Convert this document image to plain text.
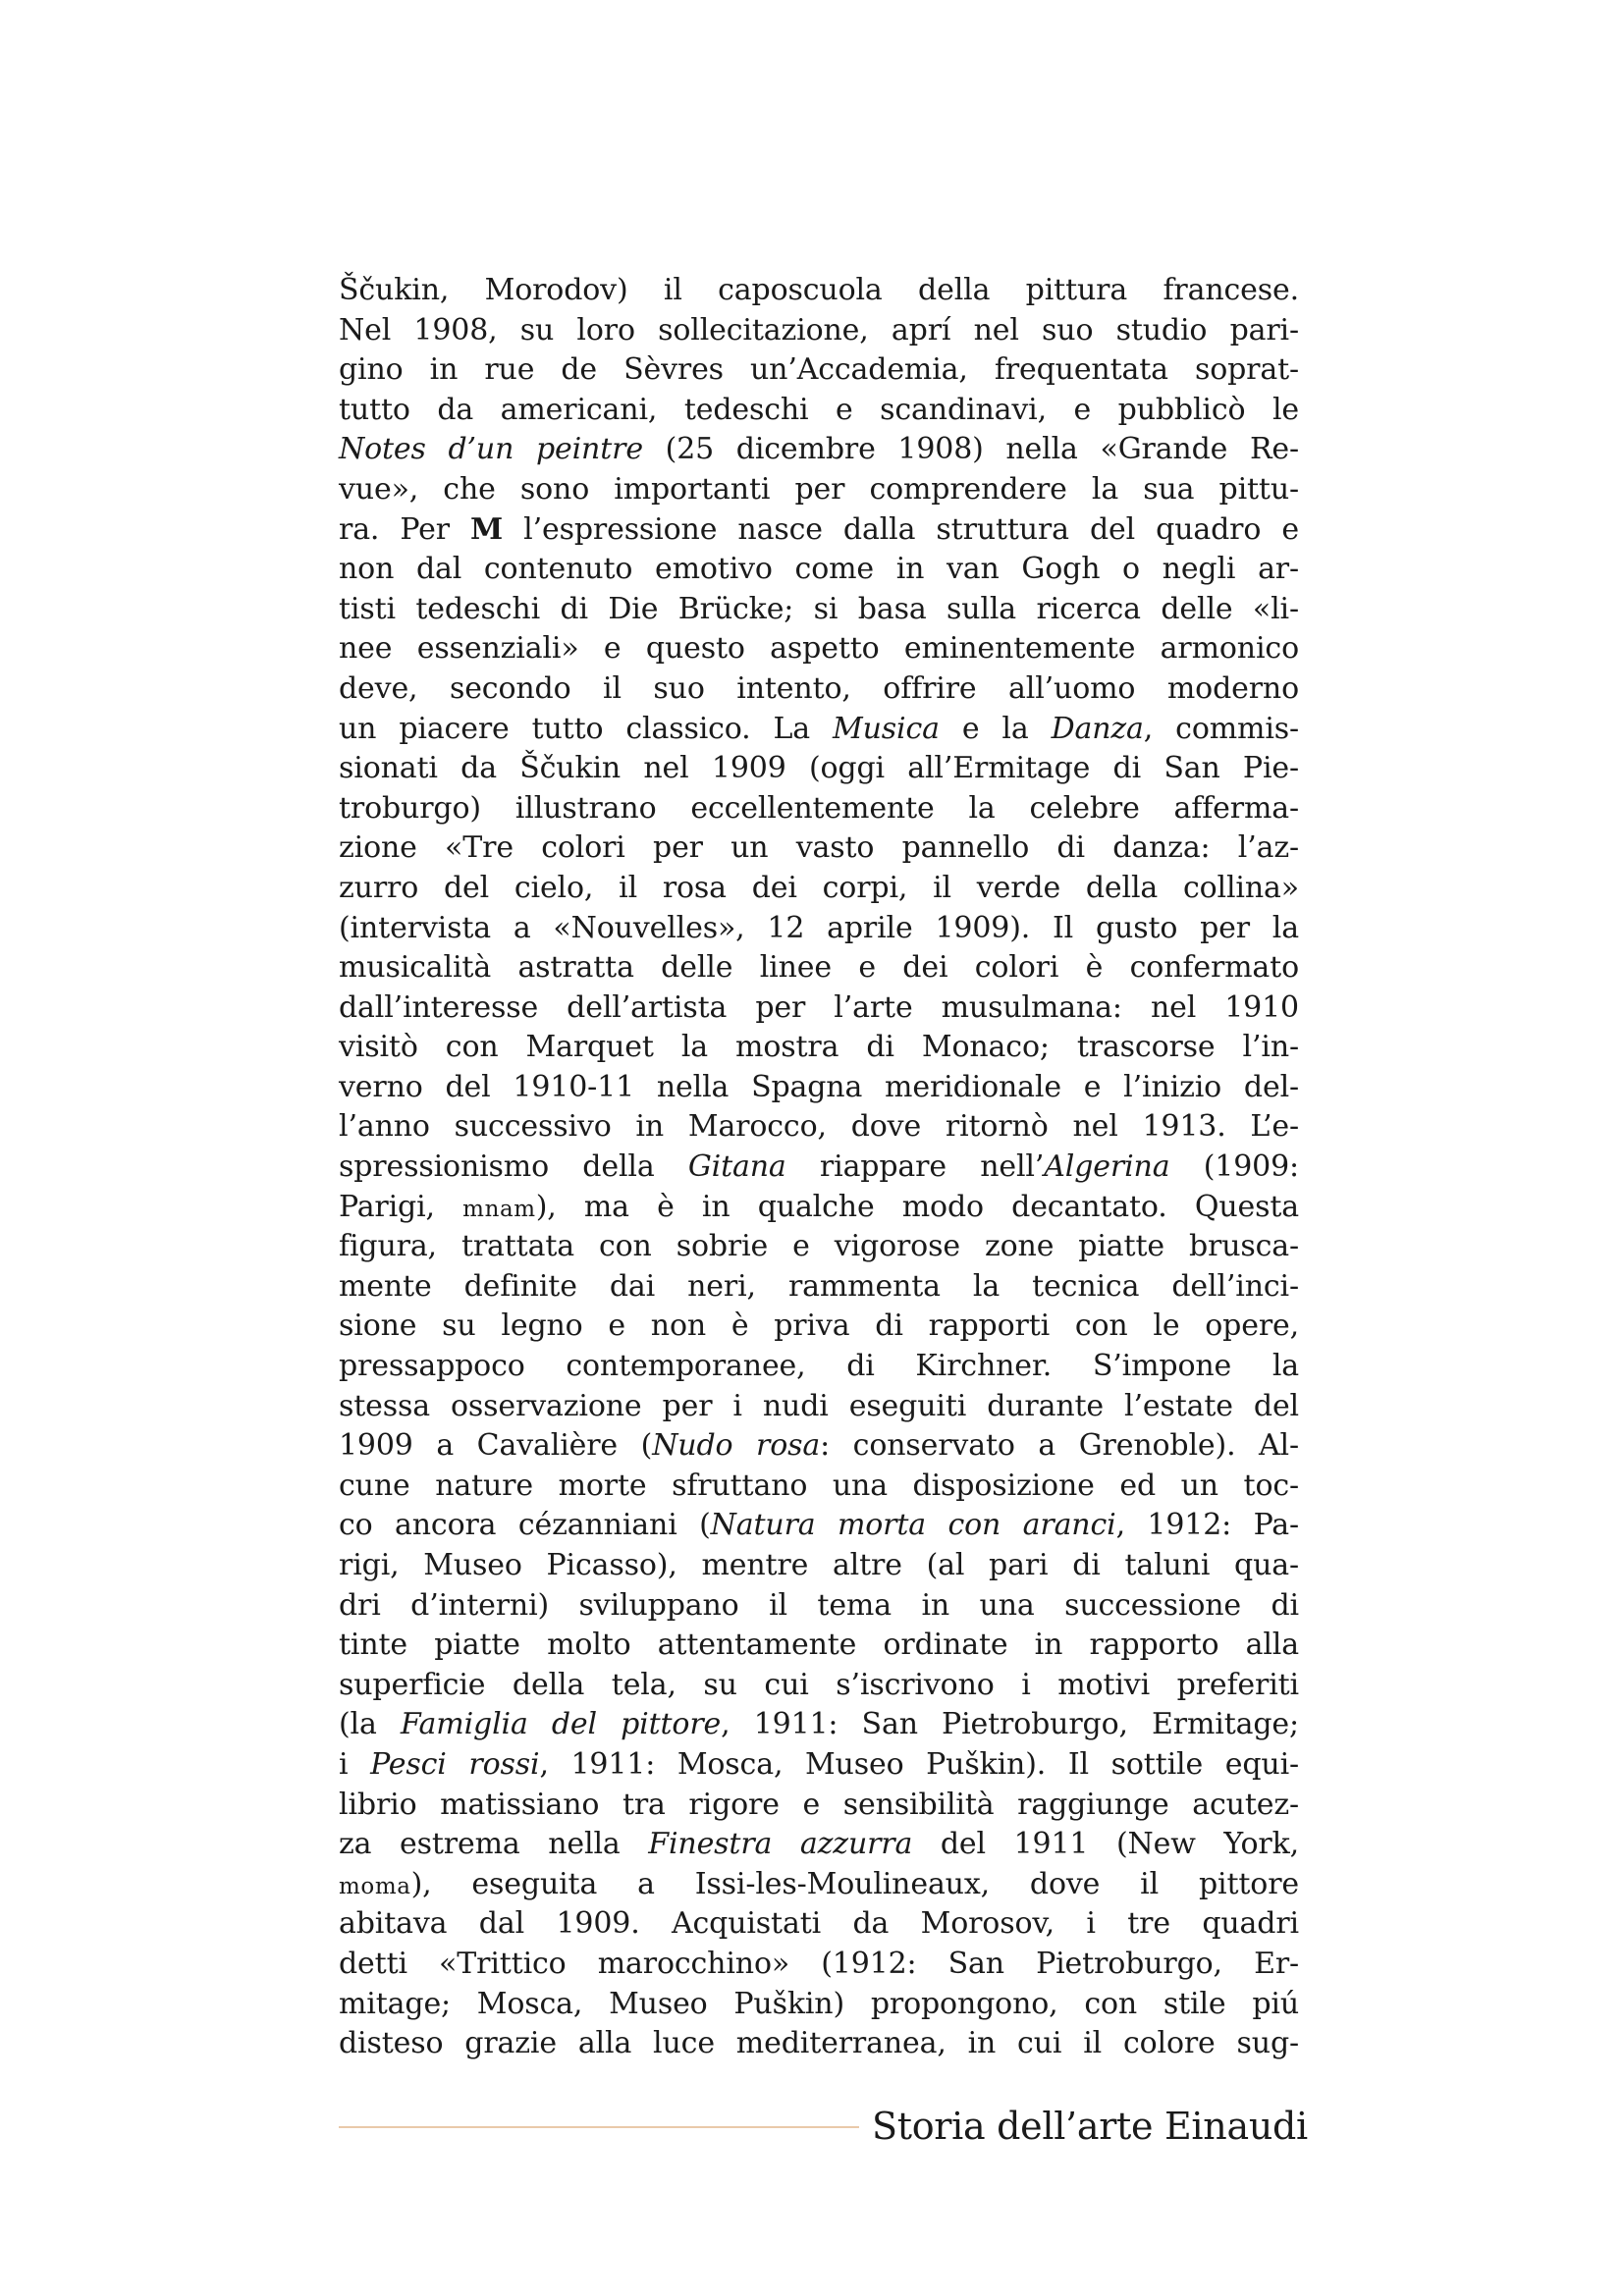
Ščukin, Morodov) il caposcuola della pittura francese.
Nel 1908, su loro sollecitazione, aprí nel suo studio pari-
gino in rue de Sèvres un’Accademia, frequentata soprat-
tutto da americani, tedeschi e scandinavi, e pubblicò le
Notes d’un peintre (25 dicembre 1908) nella «Grande Re-
vue», che sono importanti per comprendere la sua pittu-
ra. Per M l’espressione nasce dalla struttura del quadro e
non dal contenuto emotivo come in van Gogh o negli ar-
tisti tedeschi di Die Brücke; si basa sulla ricerca delle «li-
nee essenziali» e questo aspetto eminentemente armonico
deve, secondo il suo intento, offrire all’uomo moderno
un piacere tutto classico. La Musica e la Danza, commis-
sionati da Ščukin nel 1909 (oggi all’Ermitage di San Pie-
troburgo) illustrano eccellentemente la celebre afferma-
zione «Tre colori per un vasto pannello di danza: l’az-
zurro del cielo, il rosa dei corpi, il verde della collina»
(intervista a «Nouvelles», 12 aprile 1909). Il gusto per la
musicalità astratta delle linee e dei colori è confermato
dall’interesse dell’artista per l’arte musulmana: nel 1910
visitò con Marquet la mostra di Monaco; trascorse l’in-
verno del 1910-11 nella Spagna meridionale e l’inizio del-
l’anno successivo in Marocco, dove ritornò nel 1913. L’e-
spressionismo della Gitana riappare nell’Algerina (1909:
Parigi, mnam), ma è in qualche modo decantato. Questa
figura, trattata con sobrie e vigorose zone piatte brusca-
mente definite dai neri, rammenta la tecnica dell’inci-
sione su legno e non è priva di rapporti con le opere,
pressappoco contemporanee, di Kirchner. S’impone la
stessa osservazione per i nudi eseguiti durante l’estate del
1909 a Cavalière (Nudo rosa: conservato a Grenoble). Al-
cune nature morte sfruttano una disposizione ed un toc-
co ancora cézanniani (Natura morta con aranci, 1912: Pa-
rigi, Museo Picasso), mentre altre (al pari di taluni qua-
dri d’interni) sviluppano il tema in una successione di
tinte piatte molto attentamente ordinate in rapporto alla
superficie della tela, su cui s’iscrivono i motivi preferiti
(la Famiglia del pittore, 1911: San Pietroburgo, Ermitage;
i Pesci rossi, 1911: Mosca, Museo Puškin). Il sottile equi-
librio matissiano tra rigore e sensibilità raggiunge acutez-
za estrema nella Finestra azzurra del 1911 (New York,
moma), eseguita a Issi-les-Moulineaux, dove il pittore
abitava dal 1909. Acquistati da Morosov, i tre quadri
detti «Trittico marocchino» (1912: San Pietroburgo, Er-
mitage; Mosca, Museo Puškin) propongono, con stile piú
disteso grazie alla luce mediterranea, in cui il colore sug-
Storia dell’arte Einaudi
